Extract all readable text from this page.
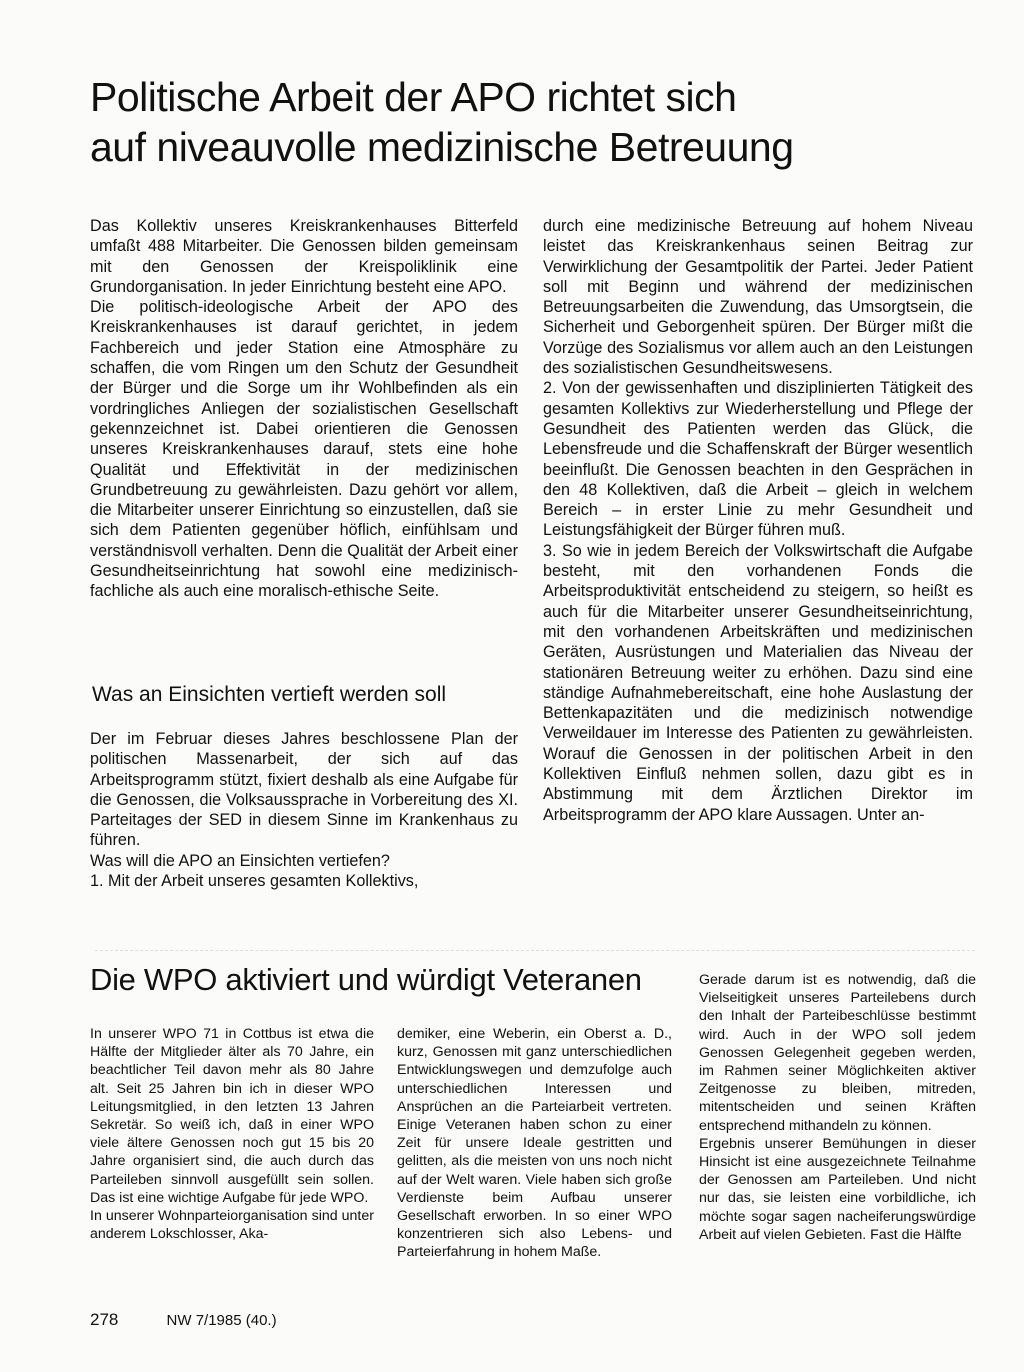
Politische Arbeit der APO richtet sich
auf niveauvolle medizinische Betreuung

Das Kollektiv unseres Kreiskrankenhauses Bitterfeld umfaßt 488 Mitarbeiter. Die Genossen bilden gemeinsam mit den Genossen der Kreispoliklinik eine Grundorganisation. In jeder Einrichtung besteht eine APO.

Die politisch-ideologische Arbeit der APO des Kreiskrankenhauses ist darauf gerichtet, in jedem Fachbereich und jeder Station eine Atmosphäre zu schaffen, die vom Ringen um den Schutz der Gesundheit der Bürger und die Sorge um ihr Wohlbefinden als ein vordringliches Anliegen der sozialistischen Gesellschaft gekennzeichnet ist. Dabei orientieren die Genossen unseres Kreiskrankenhauses darauf, stets eine hohe Qualität und Effektivität in der medizinischen Grundbetreuung zu gewährleisten. Dazu gehört vor allem, die Mitarbeiter unserer Einrichtung so einzustellen, daß sie sich dem Patienten gegenüber höflich, einfühlsam und verständnisvoll verhalten. Denn die Qualität der Arbeit einer Gesundheitseinrichtung hat sowohl eine medizinisch-fachliche als auch eine moralisch-ethische Seite.

Was an Einsichten vertieft werden soll

Der im Februar dieses Jahres beschlossene Plan der politischen Massenarbeit, der sich auf das Arbeitsprogramm stützt, fixiert deshalb als eine Aufgabe für die Genossen, die Volksaussprache in Vorbereitung des XI. Parteitages der SED in diesem Sinne im Krankenhaus zu führen.

Was will die APO an Einsichten vertiefen?

1. Mit der Arbeit unseres gesamten Kollektivs,

durch eine medizinische Betreuung auf hohem Niveau leistet das Kreiskrankenhaus seinen Beitrag zur Verwirklichung der Gesamtpolitik der Partei. Jeder Patient soll mit Beginn und während der medizinischen Betreuungsarbeiten die Zuwendung, das Umsorgtsein, die Sicherheit und Geborgenheit spüren. Der Bürger mißt die Vorzüge des Sozialismus vor allem auch an den Leistungen des sozialistischen Gesundheitswesens.

2. Von der gewissenhaften und disziplinierten Tätigkeit des gesamten Kollektivs zur Wiederherstellung und Pflege der Gesundheit des Patienten werden das Glück, die Lebensfreude und die Schaffenskraft der Bürger wesentlich beeinflußt. Die Genossen beachten in den Gesprächen in den 48 Kollektiven, daß die Arbeit – gleich in welchem Bereich – in erster Linie zu mehr Gesundheit und Leistungsfähigkeit der Bürger führen muß.

3. So wie in jedem Bereich der Volkswirtschaft die Aufgabe besteht, mit den vorhandenen Fonds die Arbeitsproduktivität entscheidend zu steigern, so heißt es auch für die Mitarbeiter unserer Gesundheitseinrichtung, mit den vorhandenen Arbeitskräften und medizinischen Geräten, Ausrüstungen und Materialien das Niveau der stationären Betreuung weiter zu erhöhen. Dazu sind eine ständige Aufnahmebereitschaft, eine hohe Auslastung der Bettenkapazitäten und die medizinisch notwendige Verweildauer im Interesse des Patienten zu gewährleisten. Worauf die Genossen in der politischen Arbeit in den Kollektiven Einfluß nehmen sollen, dazu gibt es in Abstimmung mit dem Ärztlichen Direktor im Arbeitsprogramm der APO klare Aussagen. Unter an-

Die WPO aktiviert und würdigt Veteranen

In unserer WPO 71 in Cottbus ist etwa die Hälfte der Mitglieder älter als 70 Jahre, ein beachtlicher Teil davon mehr als 80 Jahre alt. Seit 25 Jahren bin ich in dieser WPO Leitungsmitglied, in den letzten 13 Jahren Sekretär. So weiß ich, daß in einer WPO viele ältere Genossen noch gut 15 bis 20 Jahre organisiert sind, die auch durch das Parteileben sinnvoll ausgefüllt sein sollen. Das ist eine wichtige Aufgabe für jede WPO.

In unserer Wohnparteiorganisation sind unter anderem Lokschlosser, Aka-

demiker, eine Weberin, ein Oberst a. D., kurz, Genossen mit ganz unterschiedlichen Entwicklungswegen und demzufolge auch unterschiedlichen Interessen und Ansprüchen an die Parteiarbeit vertreten. Einige Veteranen haben schon zu einer Zeit für unsere Ideale gestritten und gelitten, als die meisten von uns noch nicht auf der Welt waren. Viele haben sich große Verdienste beim Aufbau unserer Gesellschaft erworben. In so einer WPO konzentrieren sich also Lebens- und Parteierfahrung in hohem Maße.

Gerade darum ist es notwendig, daß die Vielseitigkeit unseres Parteilebens durch den Inhalt der Parteibeschlüsse bestimmt wird. Auch in der WPO soll jedem Genossen Gelegenheit gegeben werden, im Rahmen seiner Möglichkeiten aktiver Zeitgenosse zu bleiben, mitreden, mitentscheiden und seinen Kräften entsprechend mithandeln zu können.

Ergebnis unserer Bemühungen in dieser Hinsicht ist eine ausgezeichnete Teilnahme der Genossen am Parteileben. Und nicht nur das, sie leisten eine vorbildliche, ich möchte sogar sagen nacheiferungswürdige Arbeit auf vielen Gebieten. Fast die Hälfte

278	NW 7/1985 (40.)
